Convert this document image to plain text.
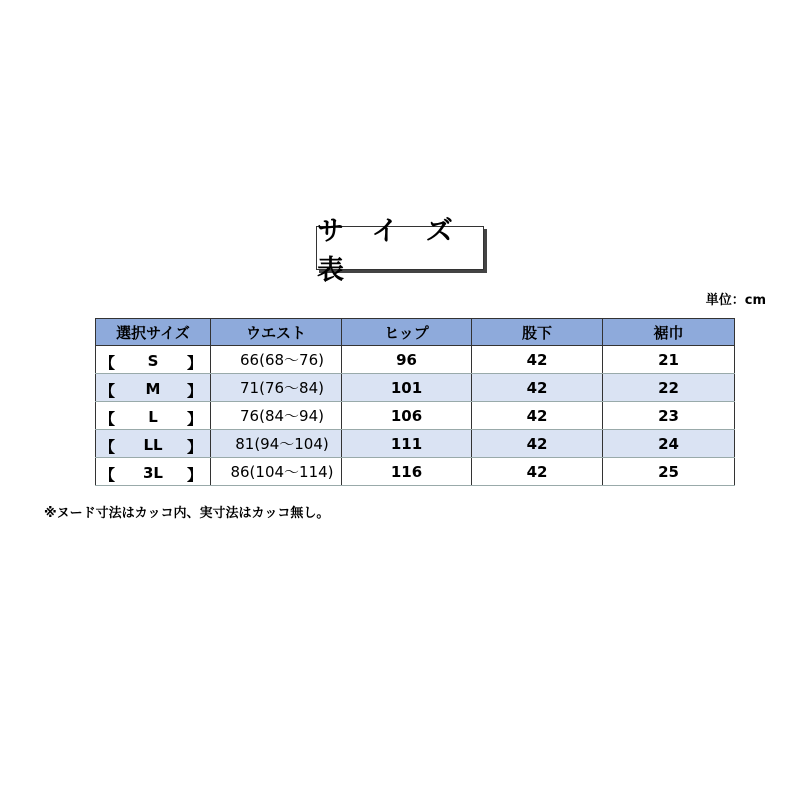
サ イ ズ 表
単位：cm
選択サイズ	ウエスト	ヒップ	股下	裾巾

【 S 】	66(68～76)	96	42	21

【 M 】	71(76～84)	101	42	22

【 L 】	76(84～94)	106	42	23

【 LL 】	81(94～104)	111	42	24

【 3L 】	86(104～114)	116	42	25
※ヌード寸法はカッコ内、実寸法はカッコ無し。
